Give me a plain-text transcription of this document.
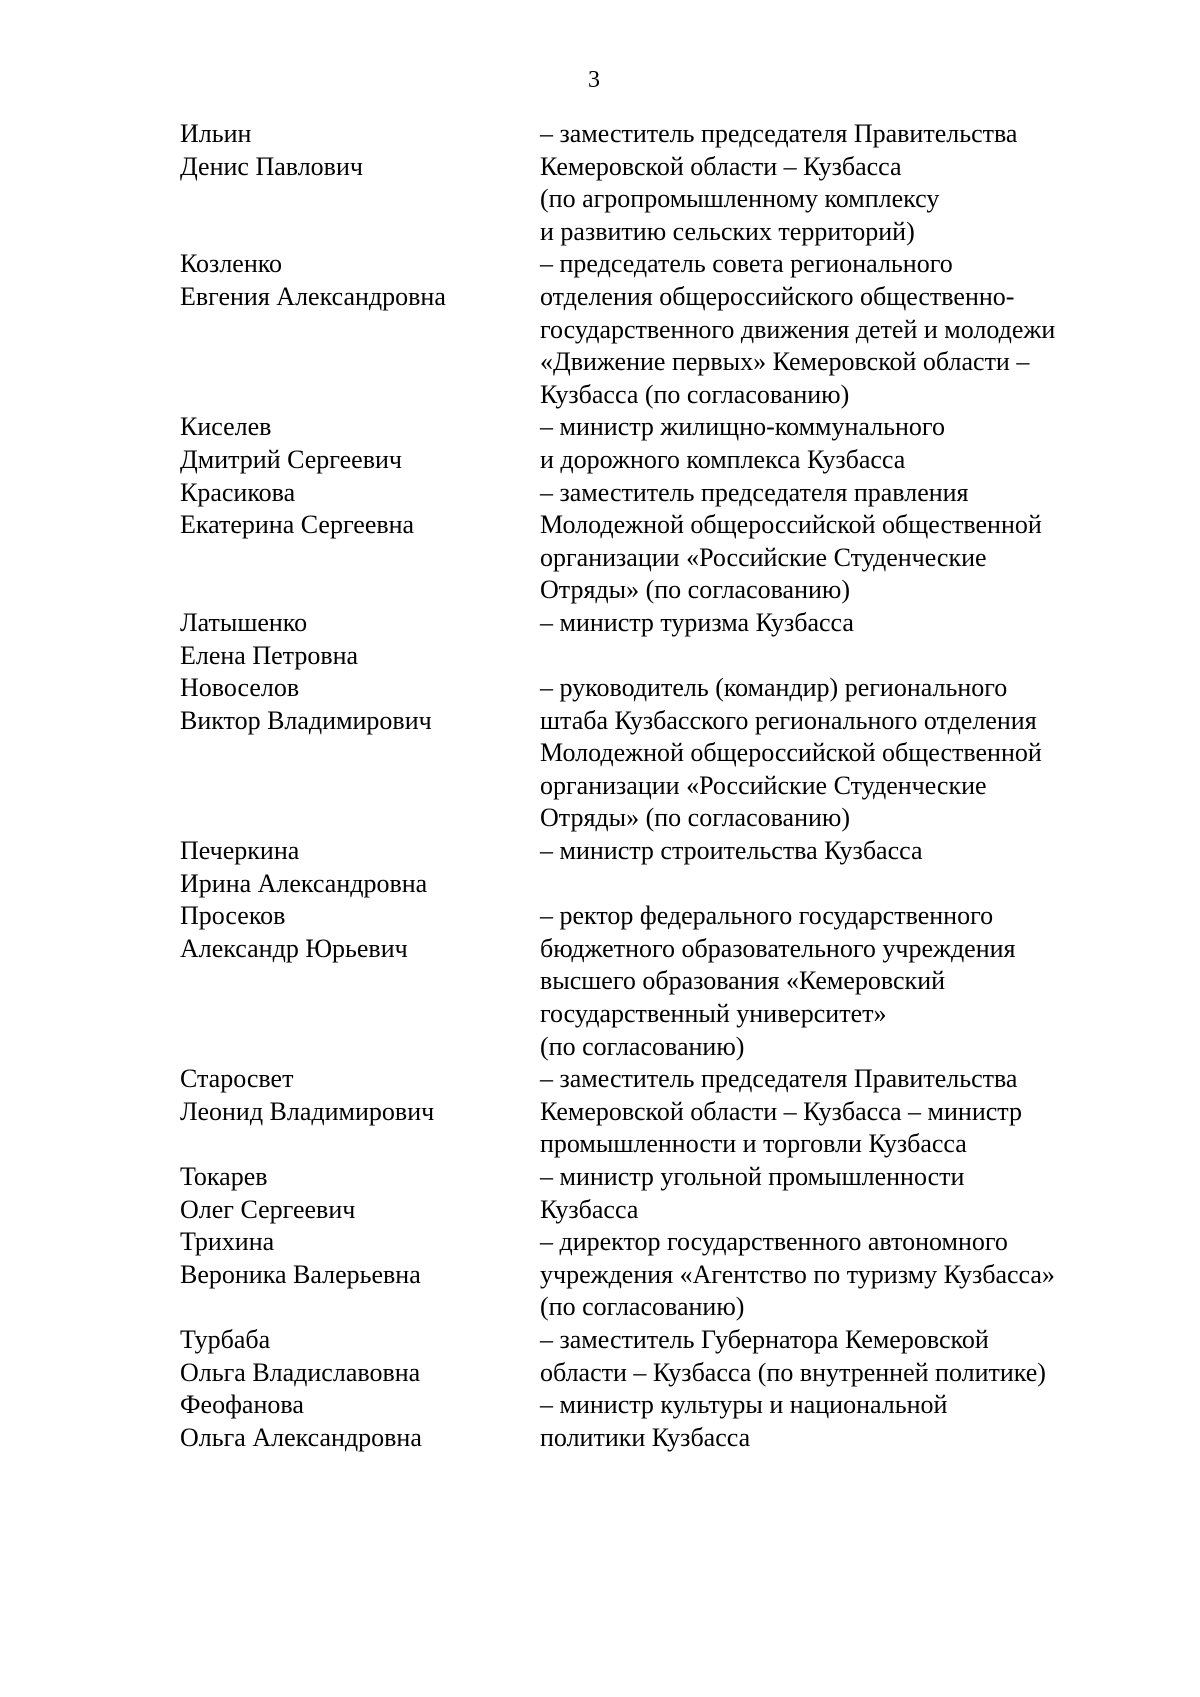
3
Ильин
Денис Павлович
– заместитель председателя Правительства
Кемеровской области – Кузбасса
(по агропромышленному комплексу
и развитию сельских территорий)
Козленко
Евгения Александровна
– председатель совета регионального
отделения общероссийского общественно-
государственного движения детей и молодежи
«Движение первых» Кемеровской области –
Кузбасса (по согласованию)
Киселев
Дмитрий Сергеевич
– министр жилищно-коммунального
и дорожного комплекса Кузбасса
Красикова
Екатерина Сергеевна
– заместитель председателя правления
Молодежной общероссийской общественной
организации «Российские Студенческие
Отряды» (по согласованию)
Латышенко
Елена Петровна
– министр туризма Кузбасса
Новоселов
Виктор Владимирович
– руководитель (командир) регионального
штаба Кузбасского регионального отделения
Молодежной общероссийской общественной
организации «Российские Студенческие
Отряды» (по согласованию)
Печеркина
Ирина Александровна
– министр строительства Кузбасса
Просеков
Александр Юрьевич
– ректор федерального государственного
бюджетного образовательного учреждения
высшего образования «Кемеровский
государственный университет»
(по согласованию)
Старосвет
Леонид Владимирович
– заместитель председателя Правительства
Кемеровской области – Кузбасса – министр
промышленности и торговли Кузбасса
Токарев
Олег Сергеевич
– министр угольной промышленности
Кузбасса
Трихина
Вероника Валерьевна
– директор государственного автономного
учреждения «Агентство по туризму Кузбасса»
(по согласованию)
Турбаба
Ольга Владиславовна
– заместитель Губернатора Кемеровской
области – Кузбасса (по внутренней политике)
Феофанова
Ольга Александровна
– министр культуры и национальной
политики Кузбасса
